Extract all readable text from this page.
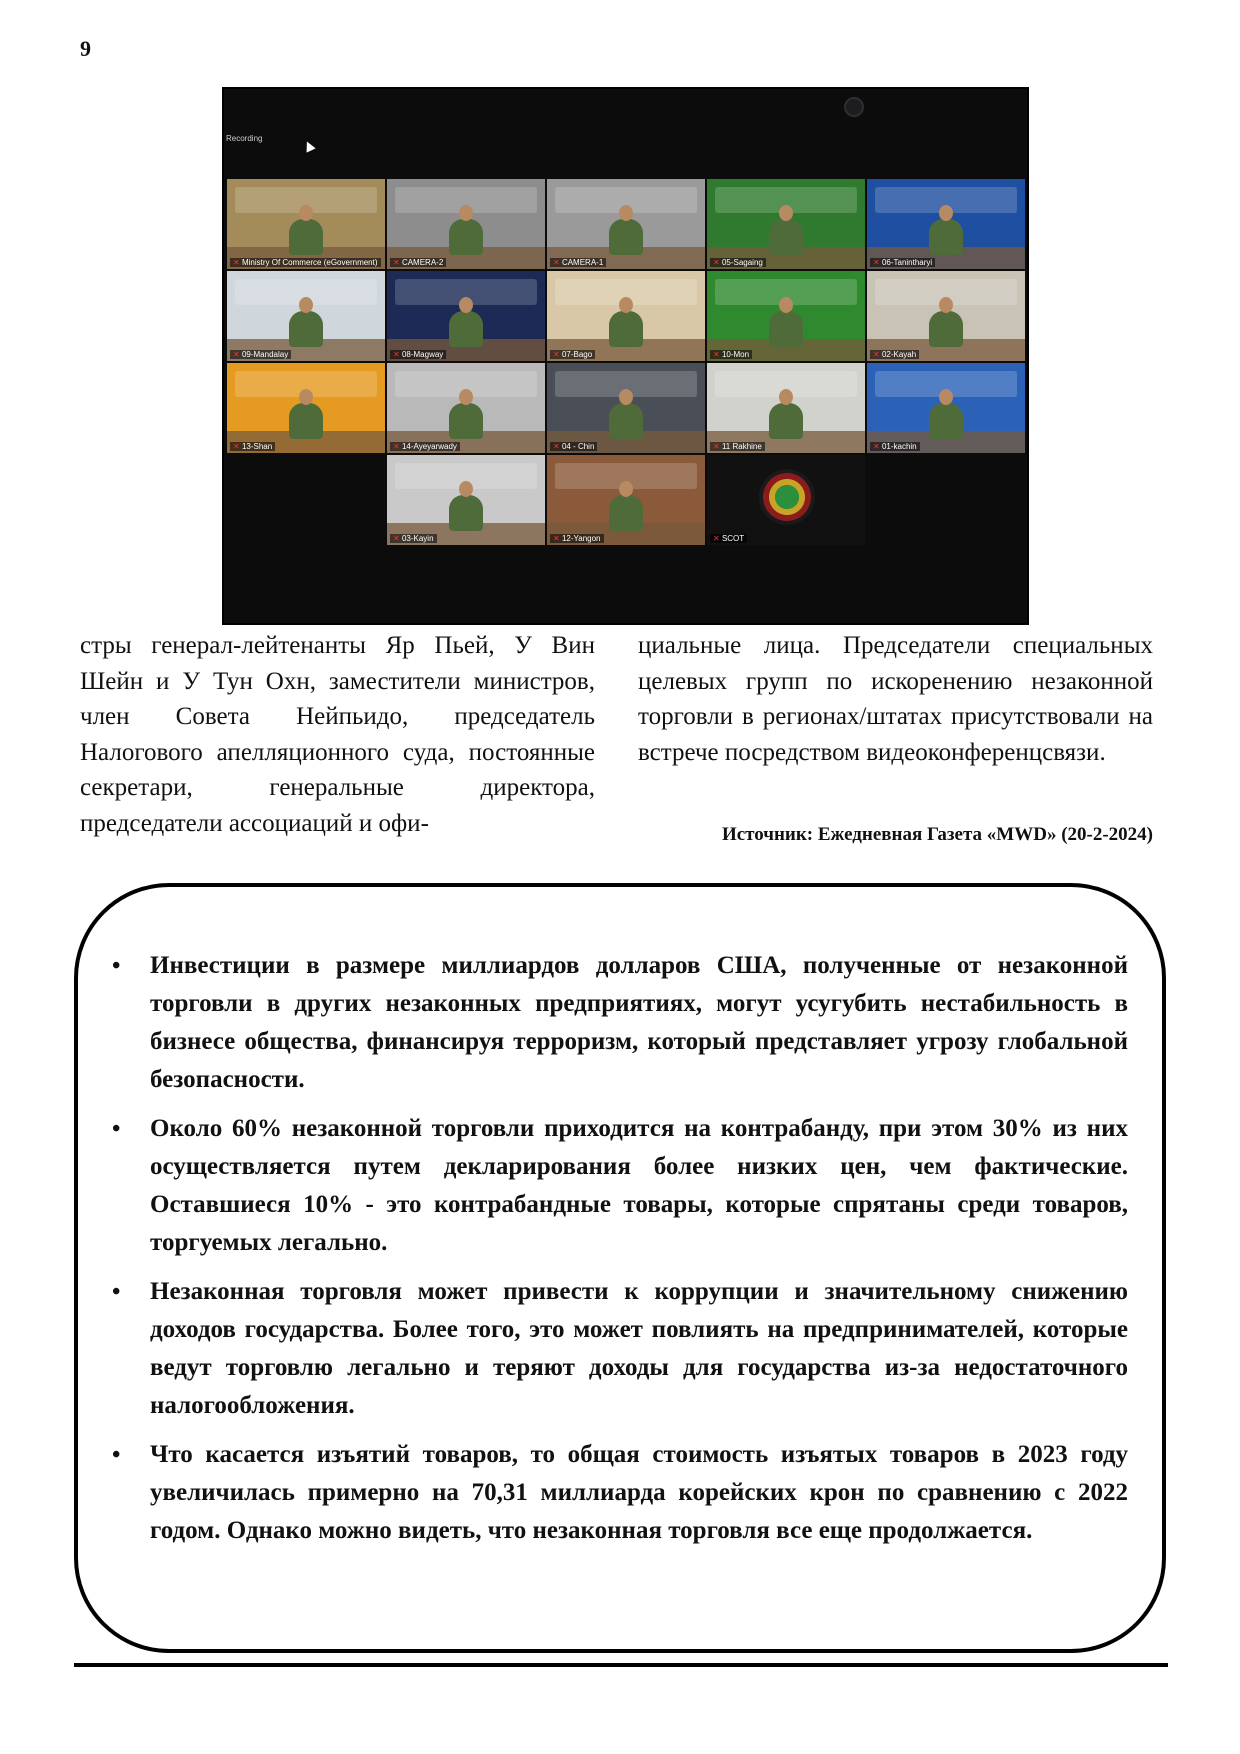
9
Recording
✕ Ministry Of Commerce (eGovernment)	✕ CAMERA-2	✕ CAMERA-1	✕ 05-Sagaing	✕ 06-Tanintharyi
✕ 09-Mandalay	✕ 08-Magway	✕ 07-Bago	✕ 10-Mon	✕ 02-Kayah
✕ 13-Shan	✕ 14-Ayeyarwady	✕ 04 - Chin	✕ 11 Rakhine	✕ 01-kachin
✕ 03-Kayin	✕ 12-Yangon	✕ SCOT

стры генерал-лейтенанты Яр Пьей, У Вин Шейн и У Тун Охн, заместители министров, член Совета Нейпьидо, председатель Налогового апелляционного суда, постоянные секретари, генеральные директора, председатели ассоциаций и офи-

циальные лица. Председатели специальных целевых групп по искоренению незаконной торговли в регионах/штатах присутствовали на встрече посредством видеоконференцсвязи.

Источник: Ежедневная Газета «MWD» (20-2-2024)
• Инвестиции в размере миллиардов долларов США, полученные от незаконной торговли в других незаконных предприятиях, могут усугубить нестабильность в бизнесе общества, финансируя терроризм, который представляет угрозу глобальной безопасности.
• Около 60% незаконной торговли приходится на контрабанду, при этом 30% из них осуществляется путем декларирования более низких цен, чем фактические. Оставшиеся 10% - это контрабандные товары, которые спрятаны среди товаров, торгуемых легально.
• Незаконная торговля может привести к коррупции и значительному снижению доходов государства. Более того, это может повлиять на предпринимателей, которые ведут торговлю легально и теряют доходы для государства из-за недостаточного налогообложения.
• Что касается изъятий товаров, то общая стоимость изъятых товаров в 2023 году увеличилась примерно на 70,31 миллиарда корейских крон по сравнению с 2022 годом. Однако можно видеть, что незаконная торговля все еще продолжается.
